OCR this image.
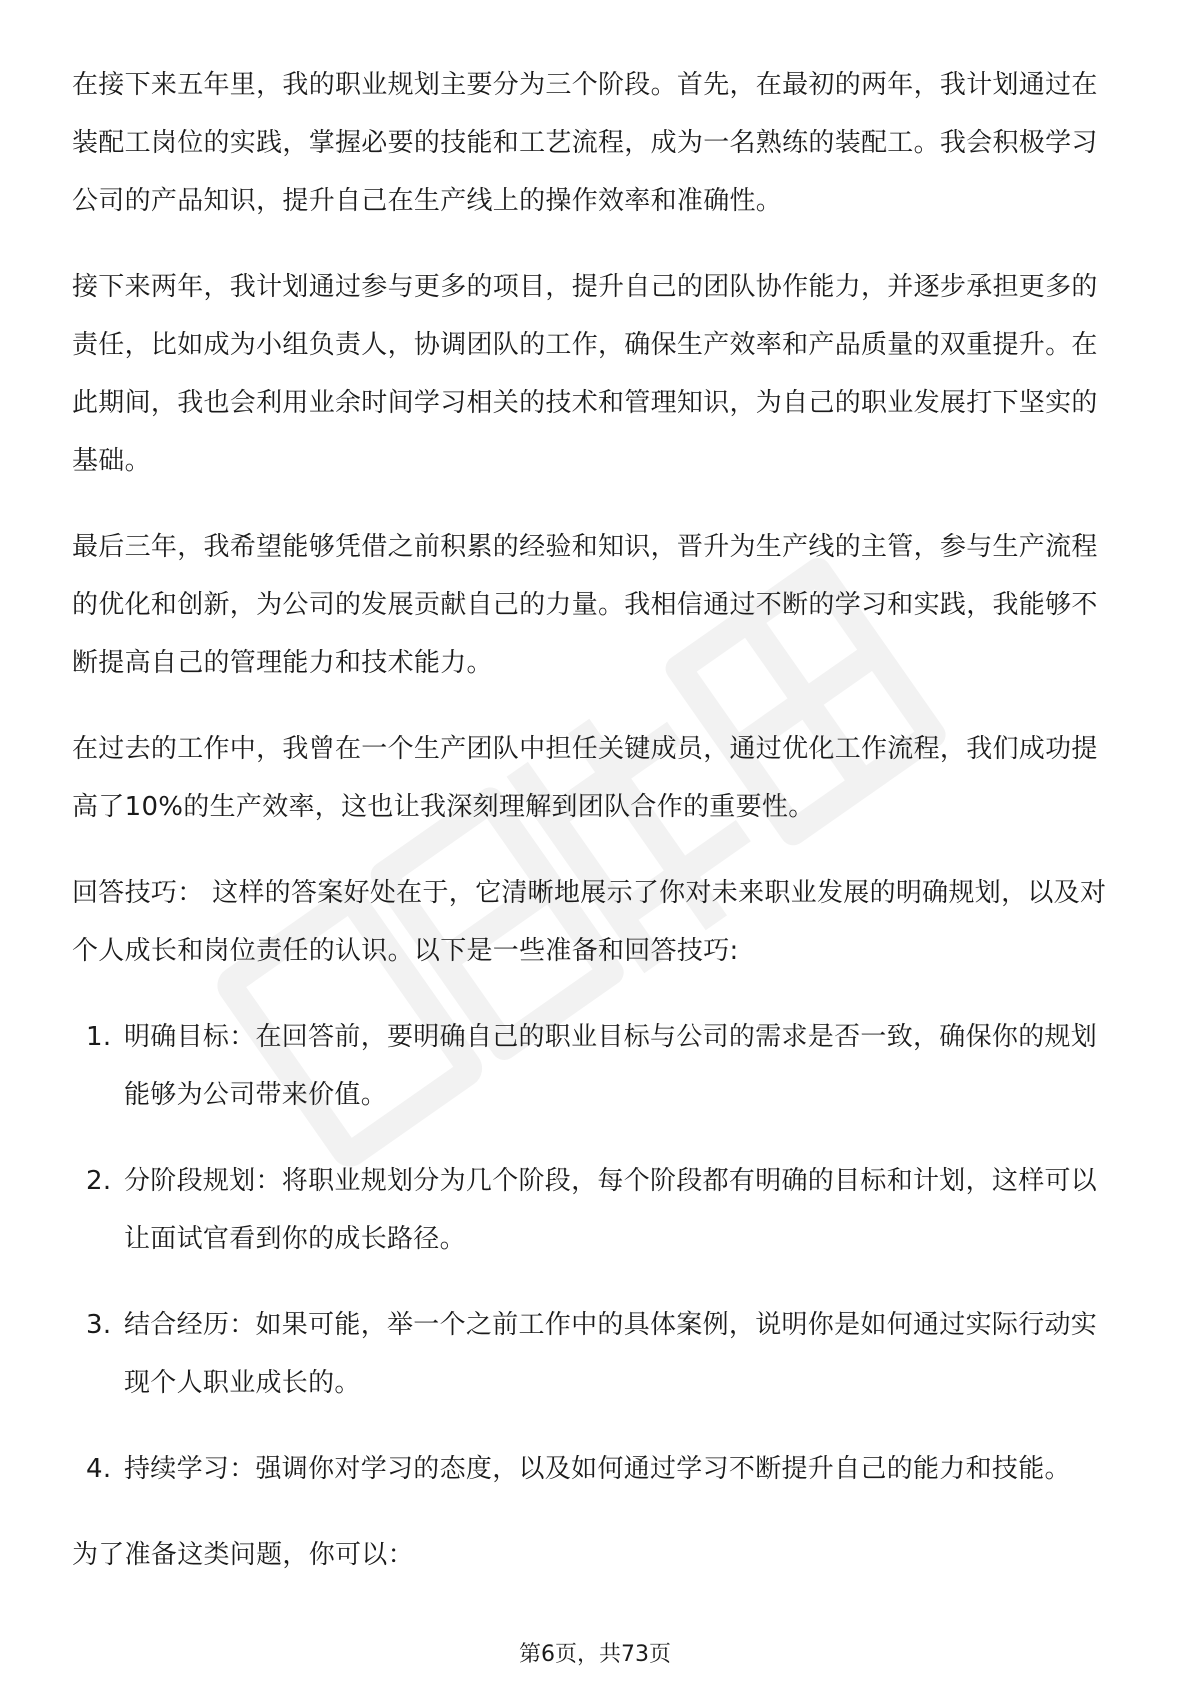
在接下来五年里，我的职业规划主要分为三个阶段。首先，在最初的两年，我计划通过在装配工岗位的实践，掌握必要的技能和工艺流程，成为一名熟练的装配工。我会积极学习公司的产品知识，提升自己在生产线上的操作效率和准确性。

接下来两年，我计划通过参与更多的项目，提升自己的团队协作能力，并逐步承担更多的责任，比如成为小组负责人，协调团队的工作，确保生产效率和产品质量的双重提升。在此期间，我也会利用业余时间学习相关的技术和管理知识，为自己的职业发展打下坚实的基础。

最后三年，我希望能够凭借之前积累的经验和知识，晋升为生产线的主管，参与生产流程的优化和创新，为公司的发展贡献自己的力量。我相信通过不断的学习和实践，我能够不断提高自己的管理能力和技术能力。

在过去的工作中，我曾在一个生产团队中担任关键成员，通过优化工作流程，我们成功提高了10%的生产效率，这也让我深刻理解到团队合作的重要性。

回答技巧： 这样的答案好处在于，它清晰地展示了你对未来职业发展的明确规划，以及对个人成长和岗位责任的认识。以下是一些准备和回答技巧:

1. 明确目标：在回答前，要明确自己的职业目标与公司的需求是否一致，确保你的规划能够为公司带来价值。
2. 分阶段规划：将职业规划分为几个阶段，每个阶段都有明确的目标和计划，这样可以让面试官看到你的成长路径。
3. 结合经历：如果可能，举一个之前工作中的具体案例，说明你是如何通过实际行动实现个人职业成长的。
4. 持续学习：强调你对学习的态度，以及如何通过学习不断提升自己的能力和技能。

为了准备这类问题，你可以：

第6页，共73页
